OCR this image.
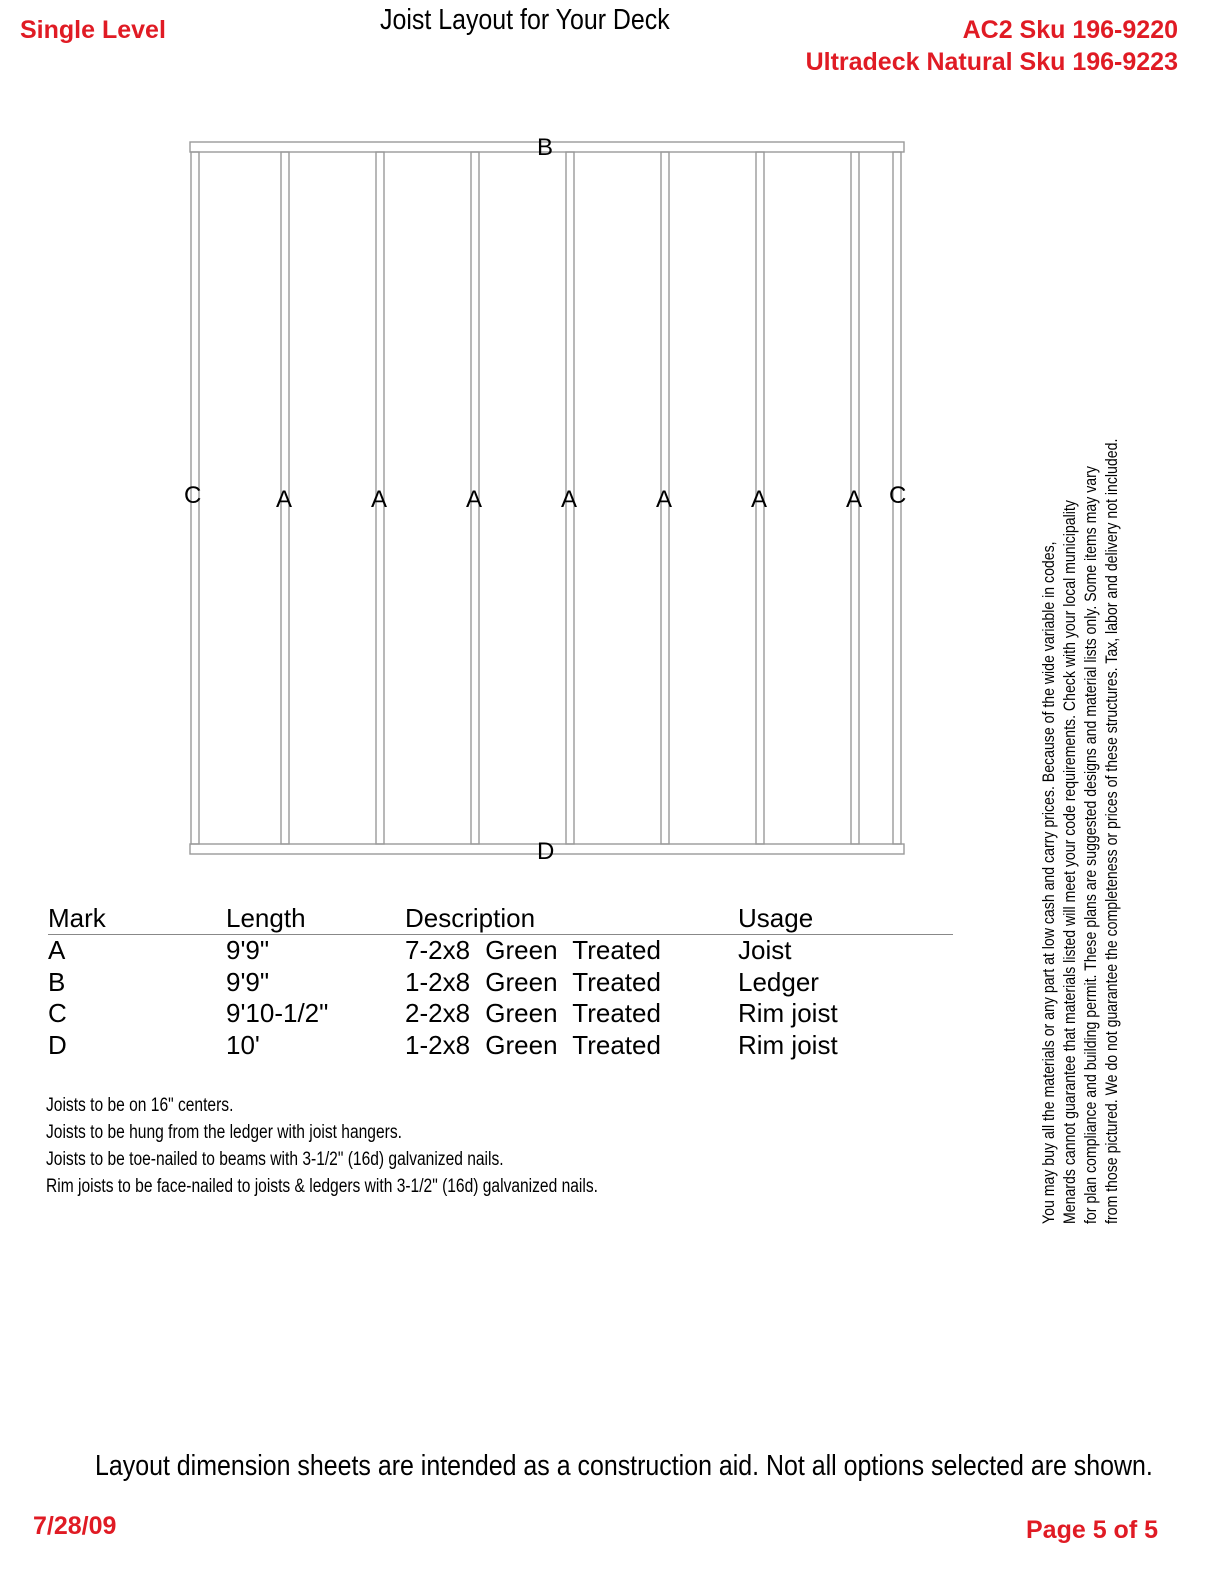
Single Level	Joist Layout for Your Deck	AC2 Sku 196-9220
Ultradeck Natural Sku 196-9223
B
D
C	C
A	A	A	A	A	A	A
Mark	Length	Description	Usage
A	9'9"	7-2x8 Green Treated	Joist
B	9'9"	1-2x8 Green Treated	Ledger
C	9'10-1/2"	2-2x8 Green Treated	Rim joist
D	10'	1-2x8 Green Treated	Rim joist
Joists to be on 16" centers.
Joists to be hung from the ledger with joist hangers.
Joists to be toe-nailed to beams with 3-1/2" (16d) galvanized nails.
Rim joists to be face-nailed to joists & ledgers with 3-1/2" (16d) galvanized nails.	You may buy all the materials or any part at low cash and carry prices. Because of the wide variable in codes, Menards cannot guarantee that materials listed will meet your code requirements. Check with your local municipality for plan compliance and building permit. These plans are suggested designs and material lists only. Some items may vary from those pictured. We do not guarantee the completeness or prices of these structures. Tax, labor and delivery not included.
Layout dimension sheets are intended as a construction aid. Not all options selected are shown.
7/28/09	Page 5 of 5
